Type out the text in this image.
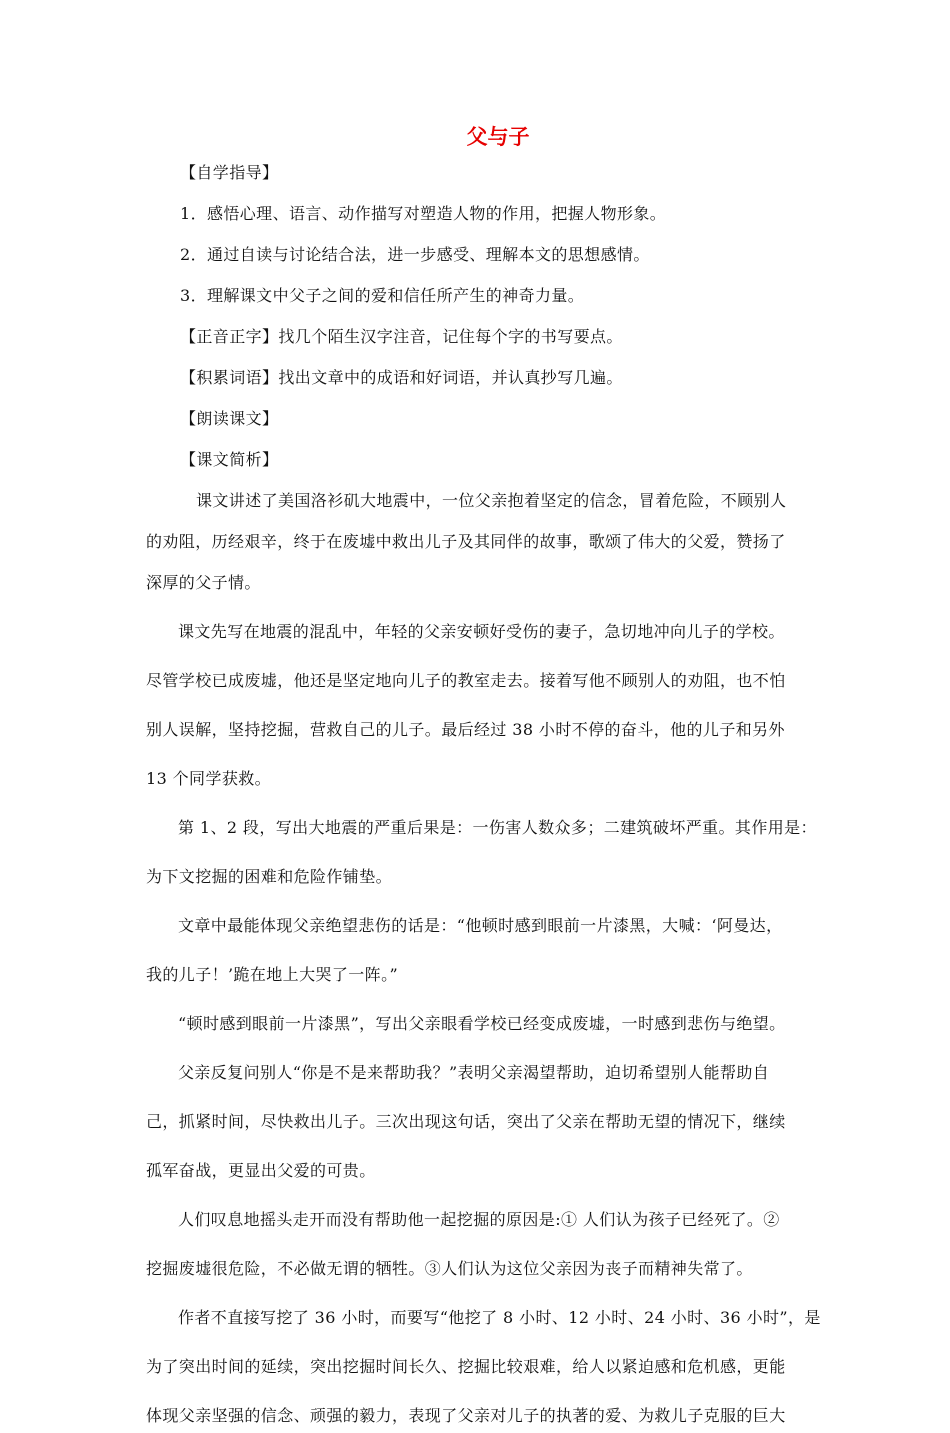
父与子

【自学指导】

1．感悟心理、语言、动作描写对塑造人物的作用，把握人物形象。

2．通过自读与讨论结合法，进一步感受、理解本文的思想感情。

3．理解课文中父子之间的爱和信任所产生的神奇力量。

【正音正字】找几个陌生汉字注音，记住每个字的书写要点。

【积累词语】找出文章中的成语和好词语，并认真抄写几遍。

【朗读课文】

【课文简析】

课文讲述了美国洛衫矶大地震中，一位父亲抱着坚定的信念，冒着危险，不顾别人

的劝阻，历经艰辛，终于在废墟中救出儿子及其同伴的故事，歌颂了伟大的父爱，赞扬了

深厚的父子情。

课文先写在地震的混乱中，年轻的父亲安顿好受伤的妻子，急切地冲向儿子的学校。

尽管学校已成废墟，他还是坚定地向儿子的教室走去。接着写他不顾别人的劝阻，也不怕

别人误解，坚持挖掘，营救自己的儿子。最后经过 38 小时不停的奋斗，他的儿子和另外

13 个同学获救。

第 1、2 段，写出大地震的严重后果是：一伤害人数众多；二建筑破坏严重。其作用是：

为下文挖掘的困难和危险作铺垫。

文章中最能体现父亲绝望悲伤的话是：“他顿时感到眼前一片漆黑，大喊：‘阿曼达，

我的儿子！’跪在地上大哭了一阵。”

“顿时感到眼前一片漆黑”，写出父亲眼看学校已经变成废墟，一时感到悲伤与绝望。

父亲反复问别人“你是不是来帮助我？”表明父亲渴望帮助，迫切希望别人能帮助自

己，抓紧时间，尽快救出儿子。三次出现这句话，突出了父亲在帮助无望的情况下，继续

孤军奋战，更显出父爱的可贵。

人们叹息地摇头走开而没有帮助他一起挖掘的原因是:① 人们认为孩子已经死了。②

挖掘废墟很危险，不必做无谓的牺牲。③人们认为这位父亲因为丧子而精神失常了。

作者不直接写挖了 36 小时，而要写“他挖了 8 小时、12 小时、24 小时、36 小时”，是

为了突出时间的延续，突出挖掘时间长久、挖掘比较艰难，给人以紧迫感和危机感，更能

体现父亲坚强的信念、顽强的毅力，表现了父亲对儿子的执著的爱、为救儿子克服的巨大
